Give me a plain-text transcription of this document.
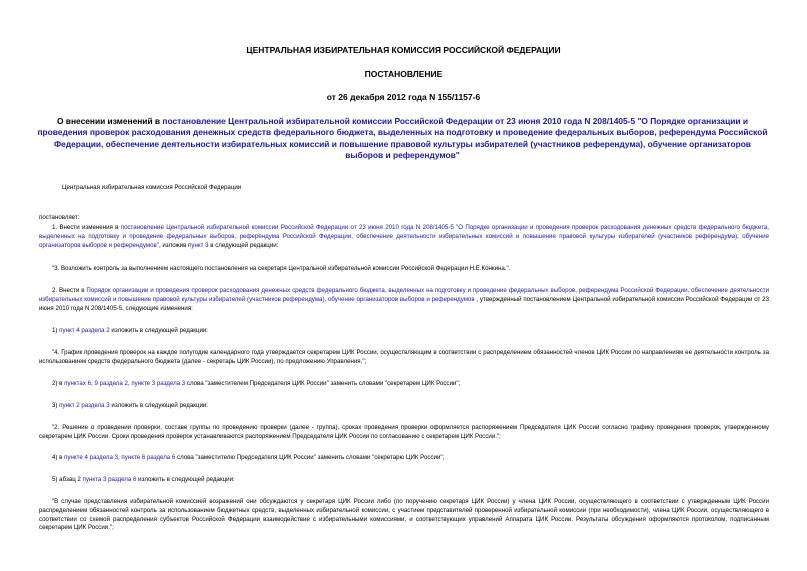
ЦЕНТРАЛЬНАЯ ИЗБИРАТЕЛЬНАЯ КОМИССИЯ РОССИЙСКОЙ ФЕДЕРАЦИИ
ПОСТАНОВЛЕНИЕ
от 26 декабря 2012 года N 155/1157-6
О внесении изменений в постановление Центральной избирательной комиссии Российской Федерации от 23 июня 2010 года N 208/1405-5 "О Порядке организации и проведения проверок расходования денежных средств федерального бюджета, выделенных на подготовку и проведение федеральных выборов, референдума Российской Федерации, обеспечение деятельности избирательных комиссий и повышение правовой культуры избирателей (участников референдума), обучение организаторов выборов и референдумов"
Центральная избирательная комиссия Российской Федерации
постановляет:
1. Внести изменения в постановление Центральной избирательной комиссии Российской Федерации от 23 июня 2010 года N 208/1405-5 "О Порядке организации и проведения проверок расходования денежных средств федерального бюджета, выделенных на подготовку и проведение федеральных выборов, референдума Российской Федерации, обеспечение деятельности избирательных комиссий и повышение правовой культуры избирателей (участников референдума), обучение организаторов выборов и референдумов", изложив пункт 3 в следующей редакции:
"3. Возложить контроль за выполнением настоящего постановления на секретаря Центральной избирательной комиссии Российской Федерации Н.Е.Конкина.".
2. Внести в Порядок организации и проведения проверок расходования денежных средств федерального бюджета, выделенных на подготовку и проведение федеральных выборов, референдума Российской Федерации, обеспечение деятельности избирательных комиссий и повышение правовой культуры избирателей (участников референдума), обучение организаторов выборов и референдумов , утвержденный постановлением Центральной избирательной комиссии Российской Федерации от 23 июня 2010 года N 208/1405-5, следующие изменения:
1) пункт 4 раздела 2 изложить в следующей редакции:
"4. График проведения проверок на каждое полугодие календарного года утверждается секретарем ЦИК России, осуществляющим в соответствии с распределением обязанностей членов ЦИК России по направлениям ее деятельности контроль за использованием средств федерального бюджета (далее - секретарь ЦИК России), по предложению Управления.";
2) в пунктах 6, 9 раздела 2, пункте 3 раздела 3 слова "заместителем Председателя ЦИК России" заменить словами "секретарем ЦИК России";
3) пункт 2 раздела 3 изложить в следующей редакции:
"2. Решение о проведении проверки, составе группы по проведению проверки (далее - группа), сроках проведения проверки оформляется распоряжением Председателя ЦИК России согласно графику проведения проверок, утвержденному секретарем ЦИК России. Сроки проведения проверок устанавливаются распоряжением Председателя ЦИК России по согласованию с секретарем ЦИК России.";
4) в пункте 4 раздела 3, пункте 6 раздела 6 слова "заместителю Председателя ЦИК России" заменить словами "секретарю ЦИК России";
5) абзац 2 пункта 3 раздела 6 изложить в следующей редакции:
"В случае представления избирательной комиссией возражений они обсуждаются у секретаря ЦИК России либо (по поручению секретаря ЦИК России) у члена ЦИК России, осуществляющего в соответствии с утвержденным ЦИК России распределением обязанностей контроль за использованием бюджетных средств, выделенных избирательной комиссии, с участием представителей проверенной избирательной комиссии (при необходимости), члена ЦИК России, осуществляющего в соответствии со схемой распределения субъектов Российской Федерации взаимодействие с избирательными комиссиями, и соответствующих управлений Аппарата ЦИК России. Результаты обсуждения оформляются протоколом, подписанным секретарем ЦИК России.";
